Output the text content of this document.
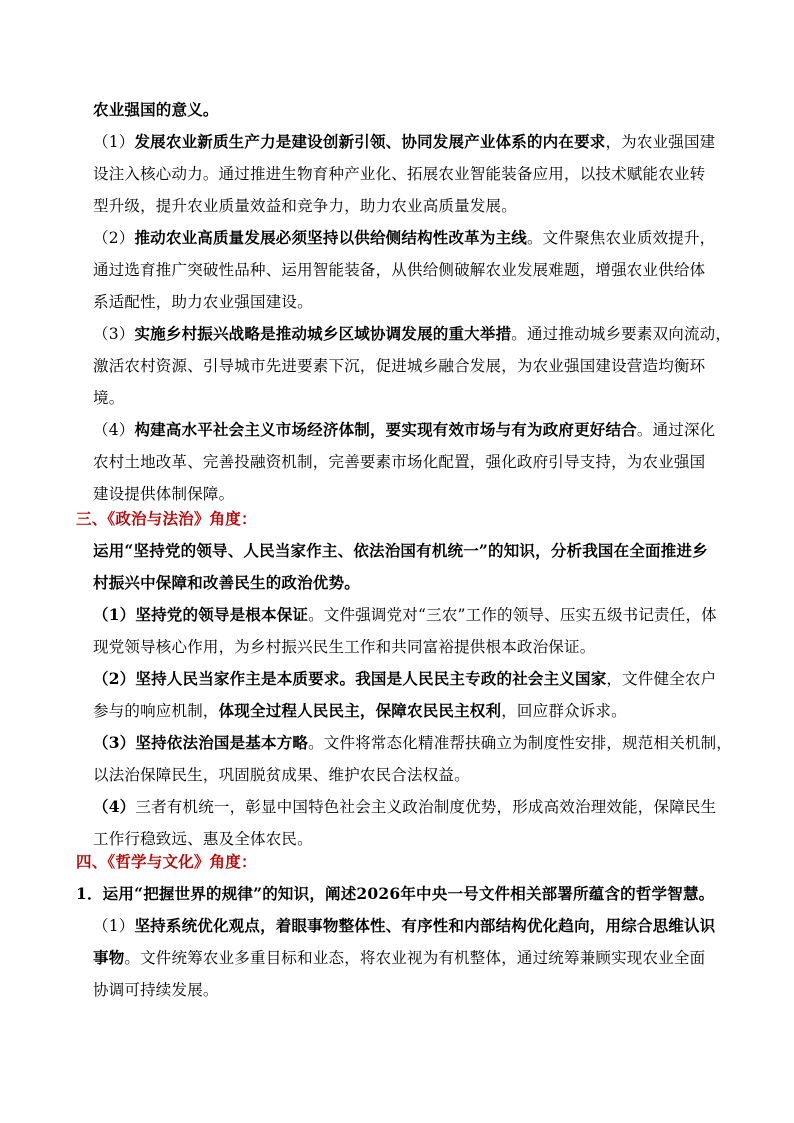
农业强国的意义。
（1）发展农业新质生产力是建设创新引领、协同发展产业体系的内在要求，为农业强国建
设注入核心动力。通过推进生物育种产业化、拓展农业智能装备应用，以技术赋能农业转
型升级，提升农业质量效益和竞争力，助力农业高质量发展。
（2）推动农业高质量发展必须坚持以供给侧结构性改革为主线。文件聚焦农业质效提升，
通过选育推广突破性品种、运用智能装备，从供给侧破解农业发展难题，增强农业供给体
系适配性，助力农业强国建设。
（3）实施乡村振兴战略是推动城乡区域协调发展的重大举措。通过推动城乡要素双向流动，
激活农村资源、引导城市先进要素下沉，促进城乡融合发展，为农业强国建设营造均衡环
境。
（4）构建高水平社会主义市场经济体制，要实现有效市场与有为政府更好结合。通过深化
农村土地改革、完善投融资机制，完善要素市场化配置，强化政府引导支持，为农业强国
建设提供体制保障。
三、《政治与法治》角度：
运用“坚持党的领导、人民当家作主、依法治国有机统一”的知识，分析我国在全面推进乡
村振兴中保障和改善民生的政治优势。
（1）坚持党的领导是根本保证。文件强调党对“三农”工作的领导、压实五级书记责任，体
现党领导核心作用，为乡村振兴民生工作和共同富裕提供根本政治保证。
（2）坚持人民当家作主是本质要求。我国是人民民主专政的社会主义国家，文件健全农户
参与的响应机制，体现全过程人民民主，保障农民民主权利，回应群众诉求。
（3）坚持依法治国是基本方略。文件将常态化精准帮扶确立为制度性安排，规范相关机制，
以法治保障民生，巩固脱贫成果、维护农民合法权益。
（4）三者有机统一，彰显中国特色社会主义政治制度优势，形成高效治理效能，保障民生
工作行稳致远、惠及全体农民。
四、《哲学与文化》角度：
1．运用“把握世界的规律”的知识，阐述2026年中央一号文件相关部署所蕴含的哲学智慧。
（1）坚持系统优化观点，着眼事物整体性、有序性和内部结构优化趋向，用综合思维认识
事物。文件统筹农业多重目标和业态，将农业视为有机整体，通过统筹兼顾实现农业全面
协调可持续发展。
